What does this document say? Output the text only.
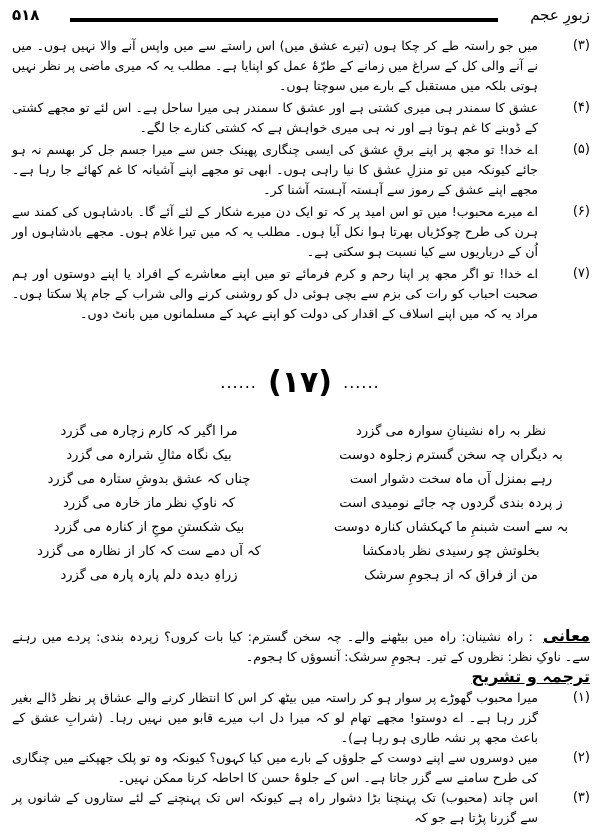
۵۱۸	زبورِ عجم
(۳)
میں جو راستہ طے کر چکا ہوں (تیرے عشق میں) اس راستے سے میں واپس آنے والا نہیں ہوں۔ میں نے آنے والی کل کے سراغ میں زمانے کے طرّۂ عمل کو اپنایا ہے۔ مطلب یہ کہ میری ماضی پر نظر نہیں ہوتی بلکہ میں مستقبل کے بارے میں سوچتا ہوں۔
(۴)
عشق کا سمندر ہی میری کشتی ہے اور عشق کا سمندر ہی میرا ساحل ہے۔ اس لئے تو مجھے کشتی کے ڈوبنے کا غم ہوتا ہے اور نہ ہی میری خواہش ہے کہ کشتی کنارے جا لگے۔
(۵)
اے خدا! تو مجھ پر اپنے برقِ عشق کی ایسی چنگاری پھینک جس سے میرا جسم جل کر بھسم نہ ہو جائے کیونکہ میں تو منزلِ عشق کا نیا راہی ہوں۔ ابھی تو مجھے اپنے آشیانہ کا غم کھائے جا رہا ہے۔ مجھے اپنے عشق کے رموز سے آہستہ آہستہ آشنا کر۔
(۶)
اے میرے محبوب! میں تو اس امید پر کہ تو ایک دن میرے شکار کے لئے آئے گا۔ بادشاہوں کی کمند سے ہرن کی طرح چوکڑیاں بھرتا ہوا نکل آیا ہوں۔ مطلب یہ کہ میں تیرا غلام ہوں۔ مجھے بادشاہوں اور اُن کے درباریوں سے کیا نسبت ہو سکتی ہے۔
(۷)
اے خدا! تو اگر مجھ پر اپنا رحم و کرم فرمائے تو میں اپنے معاشرے کے افراد یا اپنے دوستوں اور ہم صحبت احباب کو رات کی بزم سے بچی ہوئی دل کو روشنی کرنے والی شراب کے جام پلا سکتا ہوں۔ مراد یہ کہ میں اپنے اسلاف کے اقدار کی دولت کو اپنے عہد کے مسلمانوں میں بانٹ دوں۔
...... (۱۷) ......
نظر بہ راہ نشینانِ سوارہ می گزرد
بہ دیگراں چہ سخن گسترم زجلوہ دوست
رہے بمنزل آں ماہ سخت دشوار است
ز پردہ بندی گردوں چہ جائے نومیدی است
بہ سے است شبنمِ ما کہکشاں کنارہ دوست
بخلوتش چو رسیدی نظر بادمکشا
من از فراق کہ از ہجومِ سرشک
مرا اگیر کہ کارم زچارہ می گزرد
بیک نگاہ مثالِ شرارہ می گزرد
چناں کہ عشق بدوشِ ستارہ می گزرد
کہ ناوکِ نظر ماز خارہ می گزرد
بیک شکستنِ موجِ از کنارہ می گزرد
کہ آں دمے ست کہ کار از نظارہ می گزرد
زراہِ دیدہ دلم پارہ پارہ می گزرد
معانی: راہ نشینان: راہ میں بیٹھنے والے۔ چہ سخن گسترم: کیا بات کروں؟ زپردہ بندی: پردے میں رہنے سے۔ ناوکِ نظر: نظروں کے تیر۔ ہجومِ سرشک: آنسوؤں کا ہجوم۔
ترجمہ و تشریح
(۱)
میرا محبوب گھوڑے پر سوار ہو کر راستہ میں بیٹھ کر اس کا انتظار کرنے والے عشاق پر نظر ڈالے بغیر گزر رہا ہے۔ اے دوستو! مجھے تھام لو کہ میرا دل اب میرے قابو میں نہیں رہا۔ (شرابِ عشق کے باعث مجھ پر نشہ طاری ہو رہا ہے)۔
(۲)
میں دوسروں سے اپنے دوست کے جلوؤں کے بارے میں کیا کہوں؟ کیونکہ وہ تو پلک جھپکنے میں چنگاری کی طرح سامنے سے گزر جاتا ہے۔ اس کے جلوۂ حسن کا احاطہ کرنا ممکن نہیں۔
(۳)
اس چاند (محبوب) تک پہنچنا بڑا دشوار راہ ہے کیونکہ اس تک پہنچنے کے لئے ستاروں کے شانوں پر سے گزرنا پڑتا ہے جو کہ
